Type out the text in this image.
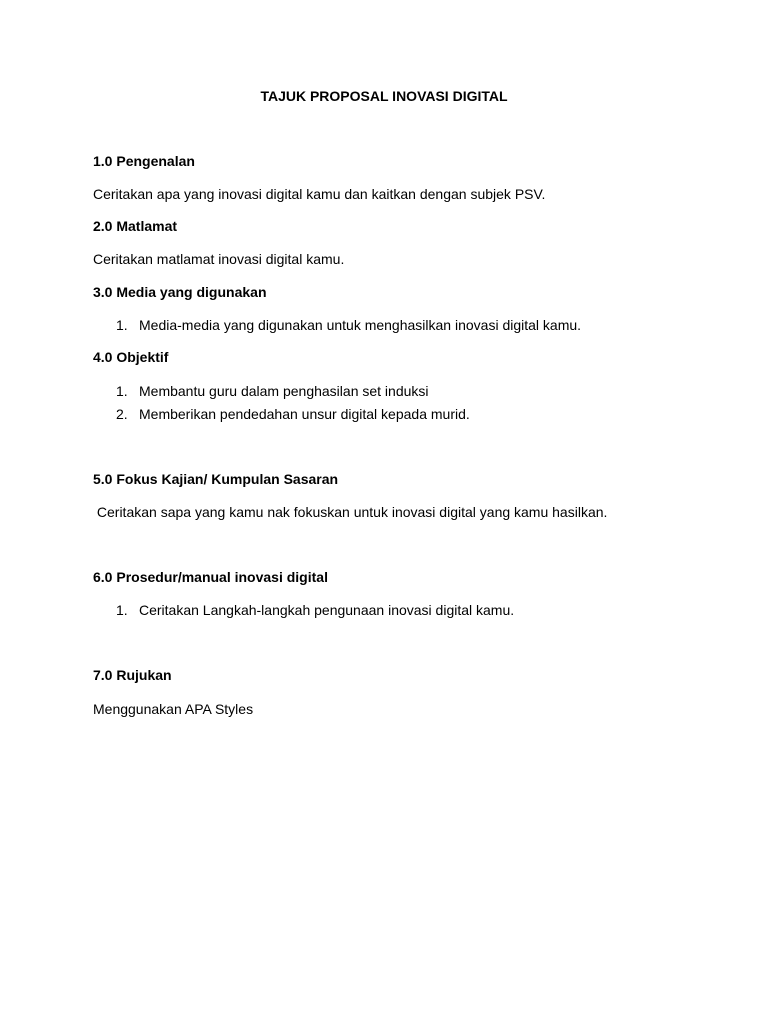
TAJUK PROPOSAL INOVASI DIGITAL
1.0 Pengenalan
Ceritakan apa yang inovasi digital kamu dan kaitkan dengan subjek PSV.
2.0 Matlamat
Ceritakan matlamat inovasi digital kamu.
3.0 Media yang digunakan
1. Media-media yang digunakan untuk menghasilkan inovasi digital kamu.
4.0 Objektif
1. Membantu guru dalam penghasilan set induksi
2. Memberikan pendedahan unsur digital kepada murid.
5.0 Fokus Kajian/ Kumpulan Sasaran
Ceritakan sapa yang kamu nak fokuskan untuk inovasi digital yang kamu hasilkan.
6.0 Prosedur/manual inovasi digital
1. Ceritakan Langkah-langkah pengunaan inovasi digital kamu.
7.0 Rujukan
Menggunakan APA Styles
